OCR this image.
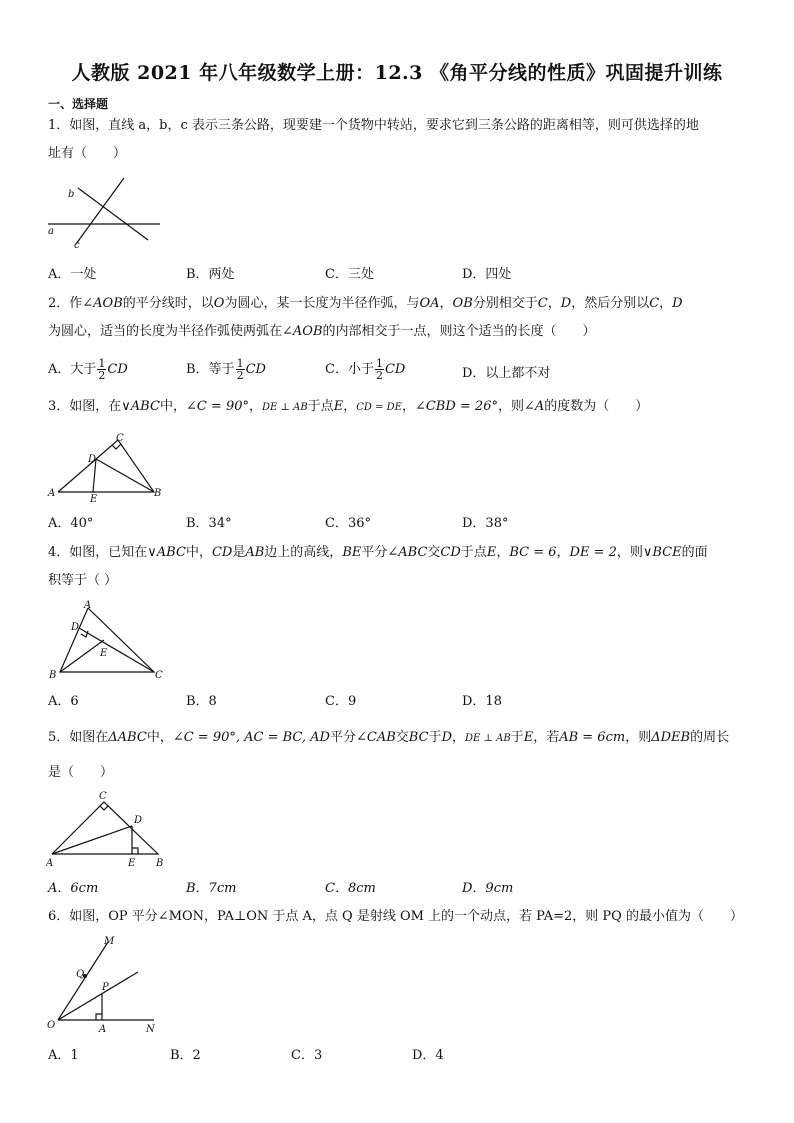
人教版 2021 年八年级数学上册：12.3 《角平分线的性质》巩固提升训练
一、选择题
1．如图，直线 a，b，c 表示三条公路，现要建一个货物中转站，要求它到三条公路的距离相等，则可供选择的地
址有（　　）
a
b
c
A．一处	B．两处	C．三处	D．四处
2．作∠AOB的平分线时，以O为圆心，某一长度为半径作弧，与OA，OB分别相交于C，D，然后分别以C，D
为圆心，适当的长度为半径作弧使两弧在∠AOB的内部相交于一点，则这个适当的长度（　　）
A．大于 $\frac{1}{2}$ CD	B．等于 $\frac{1}{2}$ CD	C．小于 $\frac{1}{2}$ CD	D．以上都不对
3．如图，在∨ABC中，∠C = 90°，DE ⊥ AB于点E，CD = DE，∠CBD = 26°，则∠A的度数为（　　）
A	B
C
D
E
A．40°	B．34°	C．36°	D．38°
4．如图，已知在∨ABC中，CD是AB边上的高线，BE平分∠ABC交CD于点E，BC = 6，DE = 2，则∨BCE的面
积等于（ ）
A
B	C
D
E
A．6	B．8	C．9	D．18
5．如图在ΔABC中，∠C = 90°, AC = BC, AD平分∠CAB交BC于D，DE ⊥ AB于E，若AB = 6cm，则ΔDEB的周长
是（　　）
A	B
C
D
E
A．6cm	B．7cm	C．8cm	D．9cm
6．如图，OP 平分∠MON，PA⊥ON 于点 A，点 Q 是射线 OM 上的一个动点，若 PA=2，则 PQ 的最小值为（　　）
M
Q
P
O	A	N
A．1	B．2	C．3	D．4
